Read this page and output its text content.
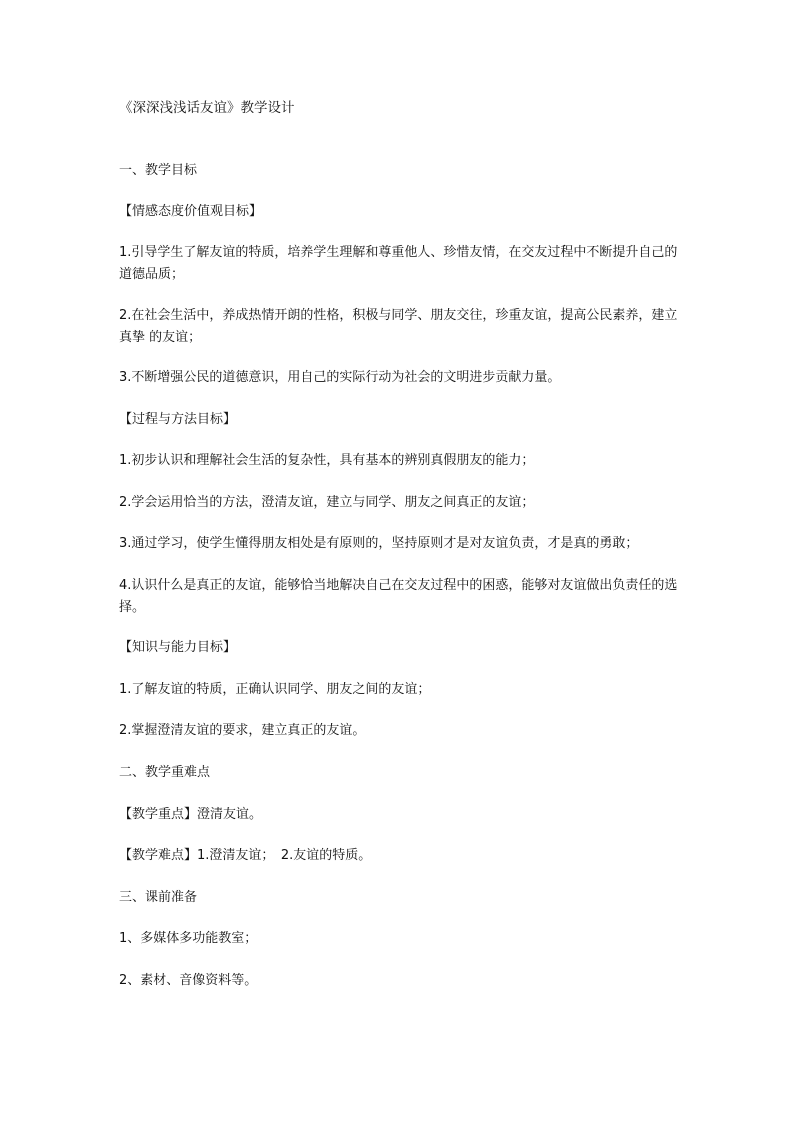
《深深浅浅话友谊》教学设计
一、教学目标
【情感态度价值观目标】
1.引导学生了解友谊的特质，培养学生理解和尊重他人、珍惜友情，在交友过程中不断提升自己的道德品质；
2.在社会生活中，养成热情开朗的性格，积极与同学、朋友交往，珍重友谊，提高公民素养，建立真挚 的友谊；
3.不断增强公民的道德意识，用自己的实际行动为社会的文明进步贡献力量。
【过程与方法目标】
1.初步认识和理解社会生活的复杂性，具有基本的辨别真假朋友的能力；
2.学会运用恰当的方法，澄清友谊，建立与同学、朋友之间真正的友谊；
3.通过学习，使学生懂得朋友相处是有原则的，坚持原则才是对友谊负责，才是真的勇敢；
4.认识什么是真正的友谊，能够恰当地解决自己在交友过程中的困惑，能够对友谊做出负责任的选择。
【知识与能力目标】
1.了解友谊的特质，正确认识同学、朋友之间的友谊；
2.掌握澄清友谊的要求，建立真正的友谊。
二、教学重难点
【教学重点】澄清友谊。
【教学难点】1.澄清友谊；　2.友谊的特质。
三、课前准备
1、多媒体多功能教室；
2、素材、音像资料等。
